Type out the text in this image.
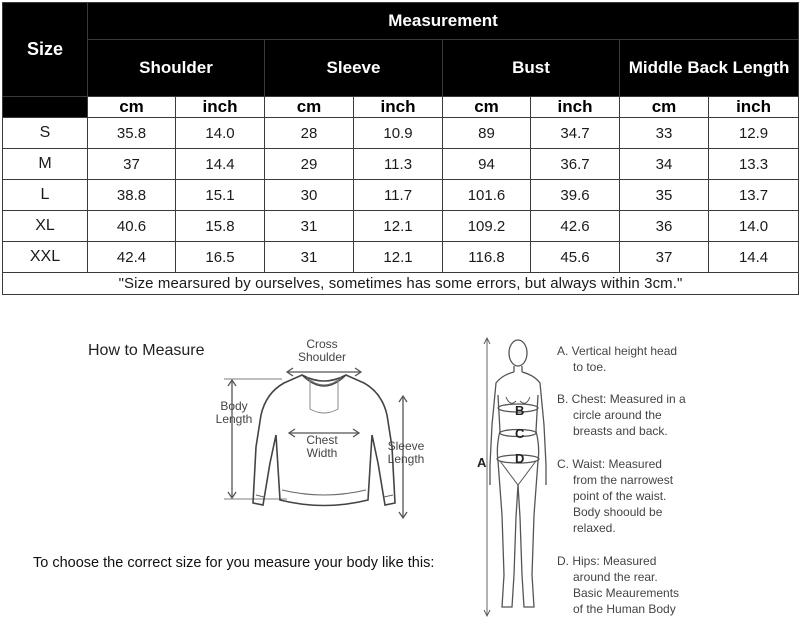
Size	Measurement							
	Shoulder		Sleeve		Bust		Middle Back Length	
	cm	inch	cm	inch	cm	inch	cm	inch
S	35.8	14.0	28	10.9	89	34.7	33	12.9
M	37	14.4	29	11.3	94	36.7	34	13.3
L	38.8	15.1	30	11.7	101.6	39.6	35	13.7
XL	40.6	15.8	31	12.1	109.2	42.6	36	14.0
XXL	42.4	16.5	31	12.1	116.8	45.6	37	14.4
"Size mearsured by ourselves, sometimes has some errors, but always within 3cm."								
How to Measure	Cross
Shoulder
Body
Length
Chest
Width	Sleeve
Length
To choose the correct size for you measure your body like this:
A
B
C
D
A. Vertical height head
to toe.
B. Chest: Measured in a
circle around the
breasts and back.
C. Waist: Measured
from the narrowest
point of the waist.
Body shoould be
relaxed.
D. Hips: Measured
around the rear.
Basic Meaurements
of the Human Body
